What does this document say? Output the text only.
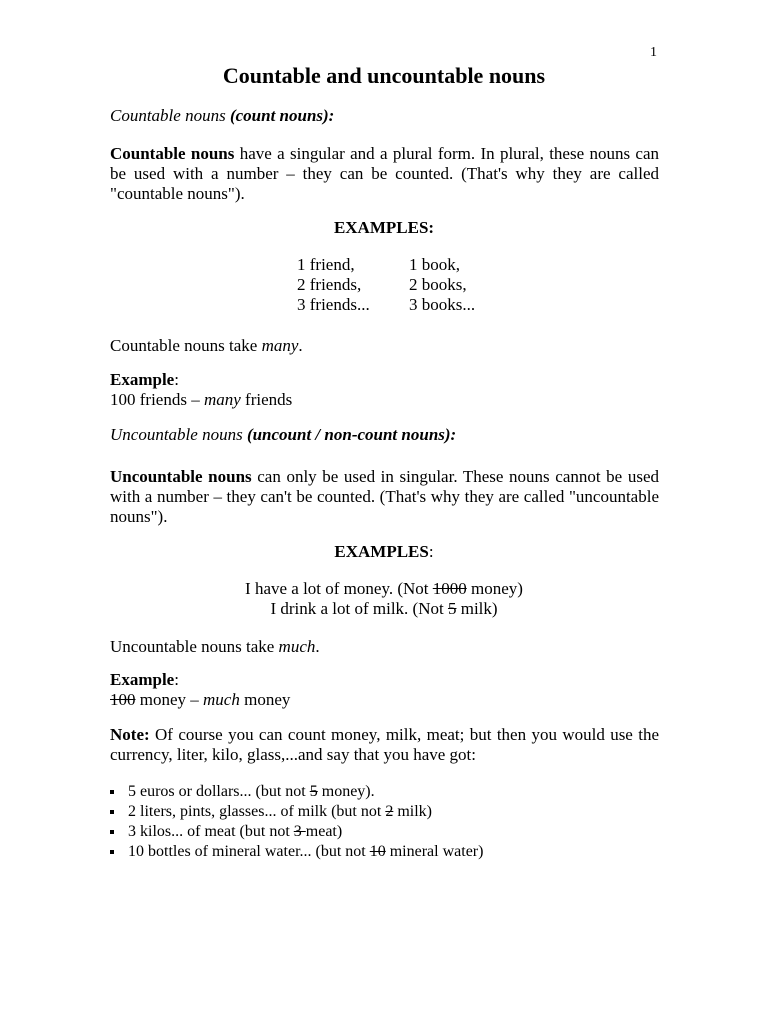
1
Countable and uncountable nouns
Countable nouns (count nouns):
Countable nouns have a singular and a plural form. In plural, these nouns can be used with a number – they can be counted. (That's why they are called "countable nouns").
EXAMPLES:
1 friend,
2 friends,
3 friends...
1 book,
2 books,
3 books...
Countable nouns take many.
Example:
100 friends – many friends
Uncountable nouns (uncount / non-count nouns):
Uncountable nouns can only be used in singular. These nouns cannot be used with a number – they can't be counted. (That's why they are called "uncountable nouns").
EXAMPLES:
I have a lot of money. (Not 1000 money)
I drink a lot of milk. (Not 5 milk)
Uncountable nouns take much.
Example:
100 money – much money
Note: Of course you can count money, milk, meat; but then you would use the currency, liter, kilo, glass,...and say that you have got:
5 euros or dollars... (but not 5 money).
2 liters, pints, glasses... of milk (but not 2 milk)
3 kilos... of meat (but not 3 meat)
10 bottles of mineral water... (but not 10 mineral water)
